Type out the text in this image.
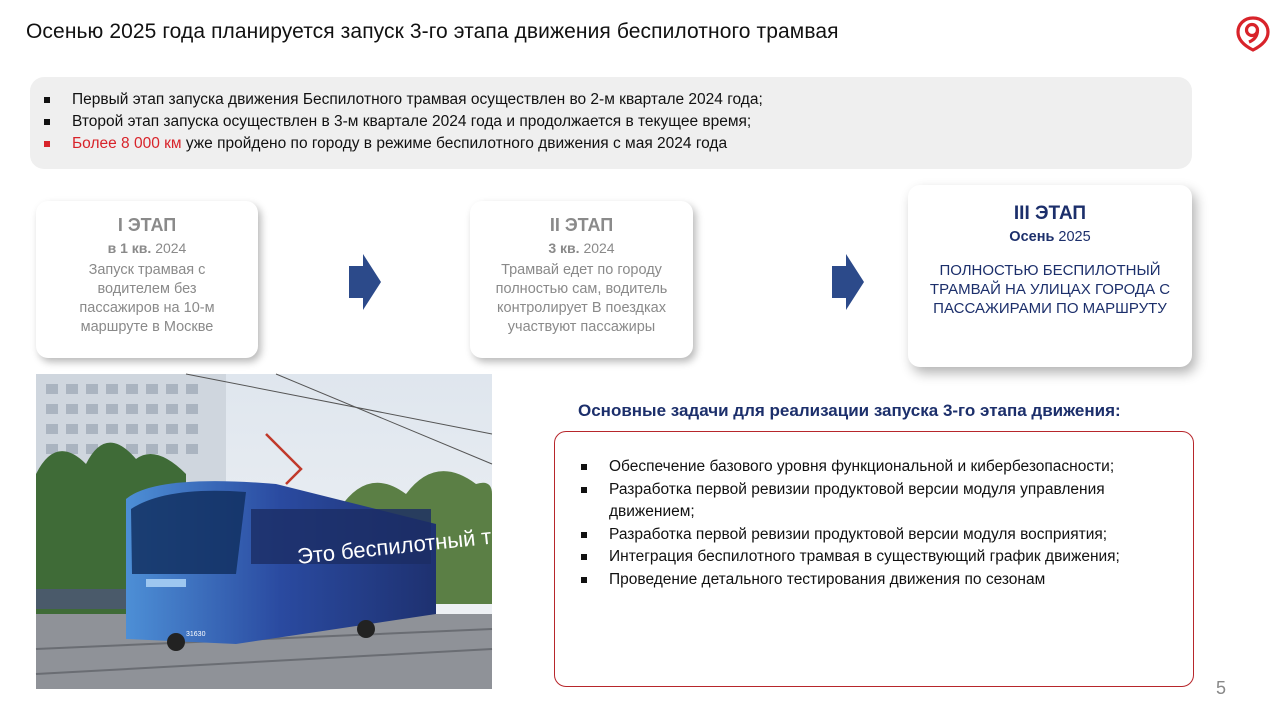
Осенью 2025 года планируется запуск 3-го этапа движения беспилотного трамвая
Первый этап запуска движения Беспилотного трамвая осуществлен во 2-м квартале 2024 года;
Второй этап запуска осуществлен в 3-м квартале 2024 года и продолжается в текущее время;
Более 8 000 км уже пройдено по городу в режиме беспилотного движения с мая 2024 года
I ЭТАП
в 1 кв. 2024
Запуск трамвая с водителем без пассажиров на 10-м маршруте в Москве
II ЭТАП
3 кв. 2024
Трамвай едет по городу полностью сам, водитель контролирует В поездках участвуют пассажиры
III ЭТАП
Осень 2025
ПОЛНОСТЬЮ БЕСПИЛОТНЫЙ ТРАМВАЙ НА УЛИЦАХ ГОРОДА С ПАССАЖИРАМИ ПО МАРШРУТУ
Это беспилотный трамвай
31630
Основные задачи для реализации запуска 3-го этапа движения:
Обеспечение базового уровня функциональной и кибербезопасности;
Разработка первой ревизии продуктовой версии модуля управления движением;
Разработка первой ревизии продуктовой версии модуля восприятия;
Интеграция беспилотного трамвая в существующий график движения;
Проведение детального тестирования движения по сезонам
5
